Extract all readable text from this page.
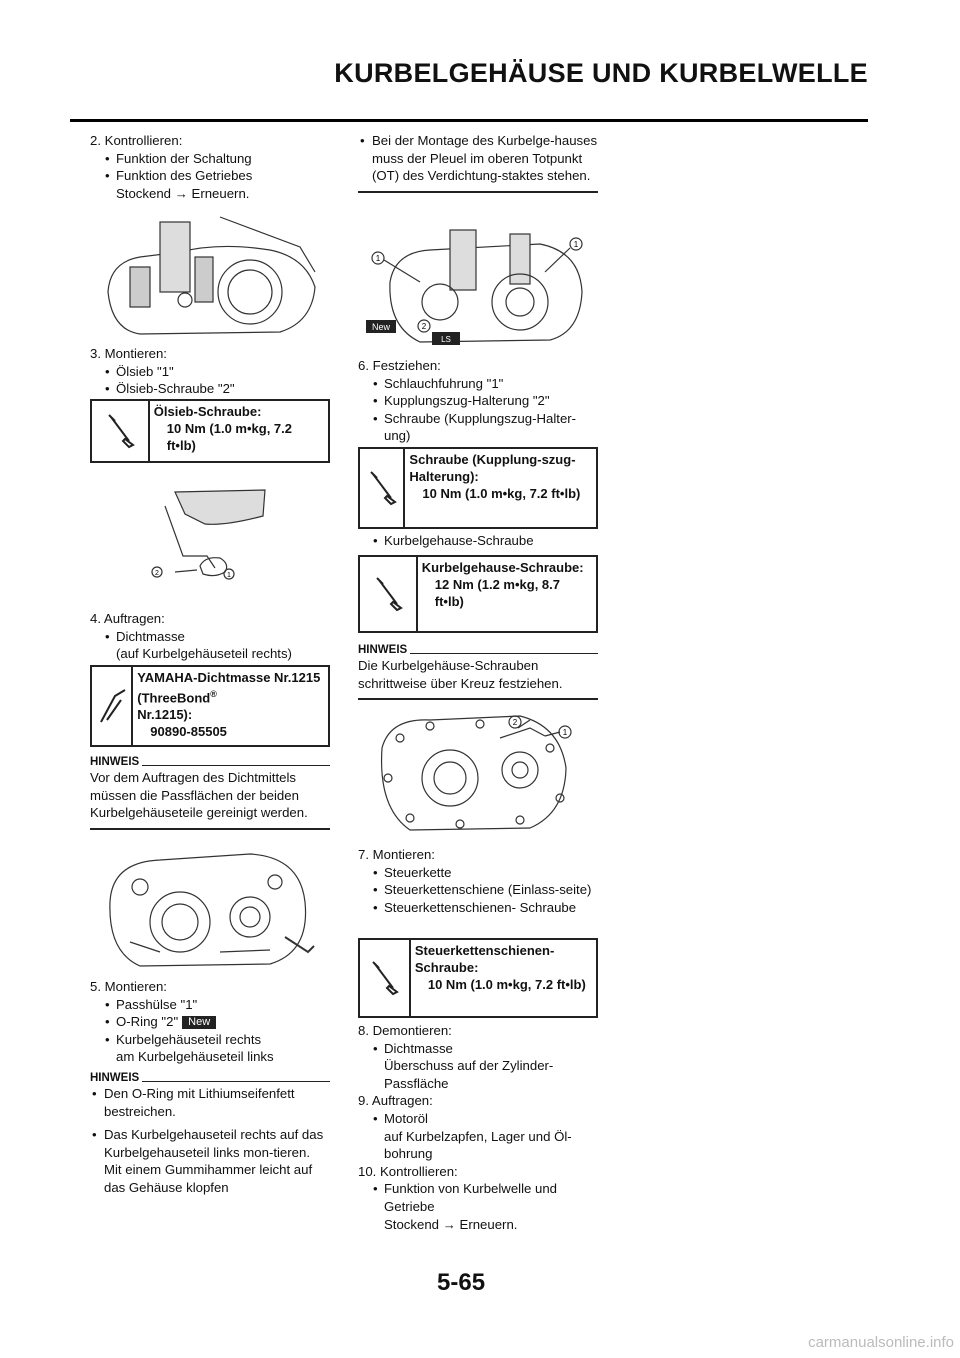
KURBELGEHÄUSE UND KURBELWELLE

2. Kontrollieren:

• Funktion der Schaltung

• Funktion des Getriebes

Stockend → Erneuern.

3. Montieren:

• Ölsieb "1"

• Ölsieb-Schraube "2"

Ölsieb-Schraube:
10 Nm (1.0 m•kg, 7.2 ft•lb)
2	1

4. Auftragen:

• Dichtmasse

(auf Kurbelgehäuseteil rechts)

YAMAHA-Dichtmasse Nr.1215 (ThreeBond®
Nr.1215):
90890-85505
HINWEIS

Vor dem Auftragen des Dichtmittels müssen die Passflächen der beiden Kurbelgehäuseteile gereinigt werden.

5. Montieren:

• Passhülse "1"

• O-Ring "2" New

• Kurbelgehäuseteil rechts

am Kurbelgehäuseteil links

HINWEIS

• Den O-Ring mit Lithiumseifenfett bestreichen.

• Das Kurbelgehauseteil rechts auf das Kurbelgehauseteil links mon-tieren. Mit einem Gummihammer leicht auf das Gehäuse klopfen

• Bei der Montage des Kurbelge-hauses muss der Pleuel im oberen Totpunkt (OT) des Verdichtung-staktes stehen.

New
LS
1
1
2

6. Festziehen:

• Schlauchfuhrung "1"

• Kupplungszug-Halterung "2"

• Schraube (Kupplungszug-Halter-ung)

Schraube (Kupplung-szug-Halterung):
10 Nm (1.0 m•kg, 7.2 ft•lb)

• Kurbelgehause-Schraube

Kurbelgehause-Schraube:
12 Nm (1.2 m•kg, 8.7 ft•lb)
HINWEIS

Die Kurbelgehäuse-Schrauben schrittweise über Kreuz festziehen.

2
1

7. Montieren:

• Steuerkette

• Steuerkettenschiene (Einlass-seite)

• Steuerkettenschienen- Schraube

Steuerkettenschienen-Schraube:
10 Nm (1.0 m•kg, 7.2 ft•lb)

8. Demontieren:

• Dichtmasse

Überschuss auf der Zylinder-Passfläche

9. Auftragen:

• Motoröl

auf Kurbelzapfen, Lager und Öl-bohrung

10. Kontrollieren:

• Funktion von Kurbelwelle und Getriebe

Stockend → Erneuern.

5-65
carmanualsonline.info
